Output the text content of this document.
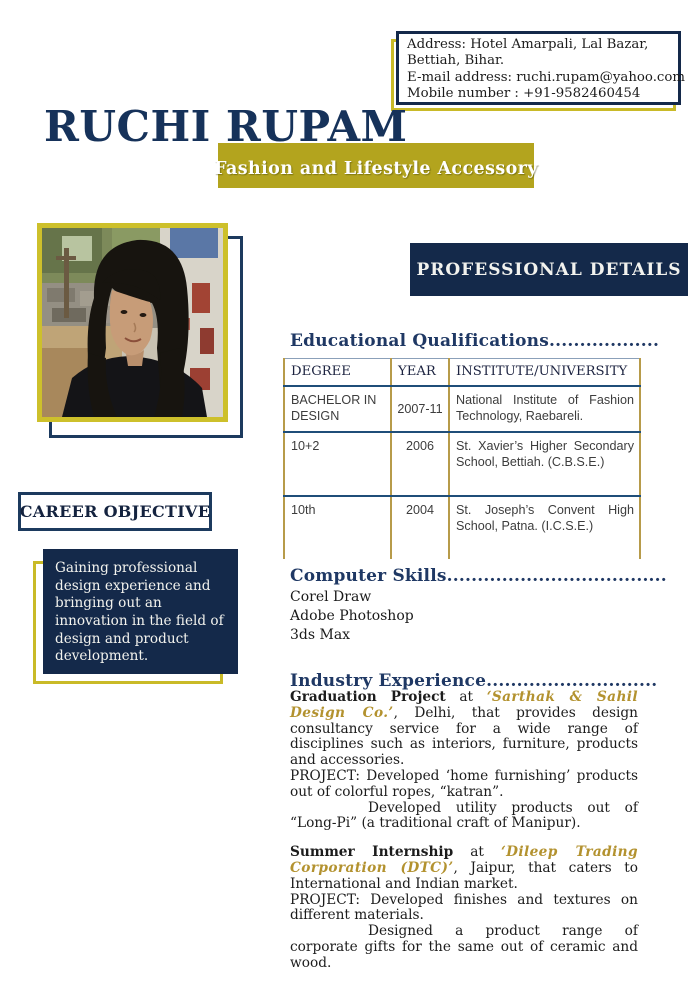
Address: Hotel Amarpali, Lal Bazar,
Bettiah, Bihar.
E-mail address: ruchi.rupam@yahoo.com
Mobile number : +91-9582460454
RUCHI RUPAM
Fashion and Lifestyle Accessory
PROFESSIONAL DETAILS
Educational Qualifications..................
DEGREE	YEAR	INSTITUTE/UNIVERSITY
BACHELOR IN DESIGN	2007-11	National Institute of Fashion Technology, Raebareli.
10+2	2006	St. Xavier’s Higher Secondary School, Bettiah. (C.B.S.E.)
10th	2004	St. Joseph’s Convent High School, Patna. (I.C.S.E.)
CAREER OBJECTIVE
Gaining professional design experience and bringing out an innovation in the field of design and product development.
Computer Skills....................................
Corel Draw
Adobe Photoshop
3ds Max
Industry Experience............................

Graduation Project at ‘Sarthak & Sahil Design Co.’, Delhi, that provides design consultancy service for a wide range of disciplines such as interiors, furniture, products and accessories.

PROJECT: Developed ‘home furnishing’ products out of colorful ropes, “katran”.

Developed utility products out of “Long-Pi” (a traditional craft of Manipur).

Summer Internship at ‘Dileep Trading Corporation (DTC)’, Jaipur, that caters to International and Indian market.

PROJECT: Developed finishes and textures on different materials.

Designed a product range of corporate gifts for the same out of ceramic and wood.
